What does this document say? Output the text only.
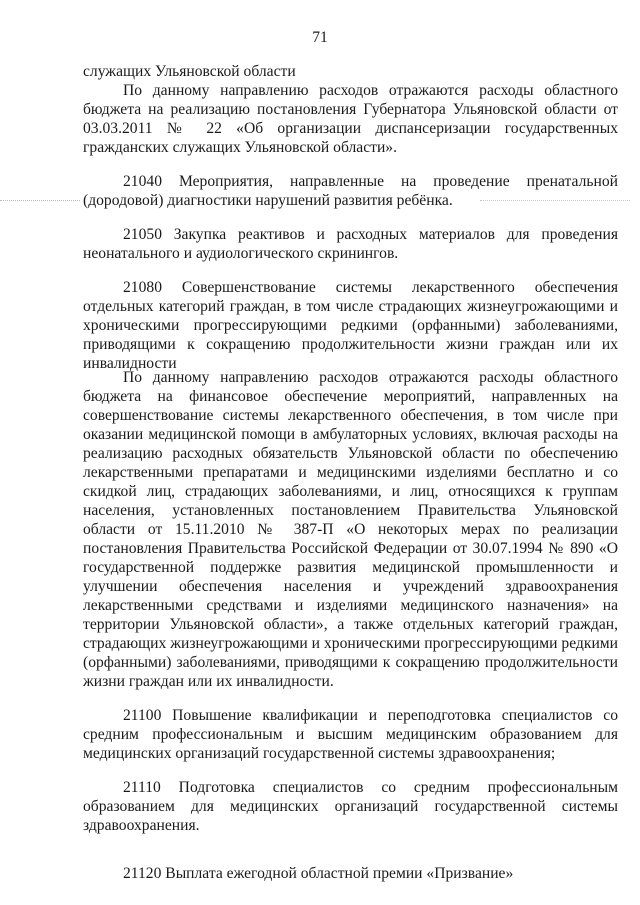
71
служащих Ульяновской области
По данному направлению расходов отражаются расходы областного
бюджета на реализацию постановления Губернатора Ульяновской области от
03.03.2011 № 22 «Об организации диспансеризации государственных
гражданских служащих Ульяновской области».
21040 Мероприятия, направленные на проведение пренатальной
(дородовой) диагностики нарушений развития ребёнка.
21050 Закупка реактивов и расходных материалов для проведения
неонатального и аудиологического скринингов.
21080 Совершенствование системы лекарственного обеспечения
отдельных категорий граждан, в том числе страдающих жизнеугрожающими и
хроническими прогрессирующими редкими (орфанными) заболеваниями,
приводящими к сокращению продолжительности жизни граждан или их
инвалидности
По данному направлению расходов отражаются расходы областного
бюджета на финансовое обеспечение мероприятий, направленных на
совершенствование системы лекарственного обеспечения, в том числе при
оказании медицинской помощи в амбулаторных условиях, включая расходы на
реализацию расходных обязательств Ульяновской области по обеспечению
лекарственными препаратами и медицинскими изделиями бесплатно и со
скидкой лиц, страдающих заболеваниями, и лиц, относящихся к группам
населения, установленных постановлением Правительства Ульяновской
области от 15.11.2010 № 387-П «О некоторых мерах по реализации
постановления Правительства Российской Федерации от 30.07.1994 № 890 «О
государственной поддержке развития медицинской промышленности и
улучшении обеспечения населения и учреждений здравоохранения
лекарственными средствами и изделиями медицинского назначения» на
территории Ульяновской области», а также отдельных категорий граждан,
страдающих жизнеугрожающими и хроническими прогрессирующими редкими
(орфанными) заболеваниями, приводящими к сокращению продолжительности
жизни граждан или их инвалидности.
21100 Повышение квалификации и переподготовка специалистов со
средним профессиональным и высшим медицинским образованием для
медицинских организаций государственной системы здравоохранения;
21110 Подготовка специалистов со средним профессиональным
образованием для медицинских организаций государственной системы
здравоохранения.
21120 Выплата ежегодной областной премии «Призвание»
